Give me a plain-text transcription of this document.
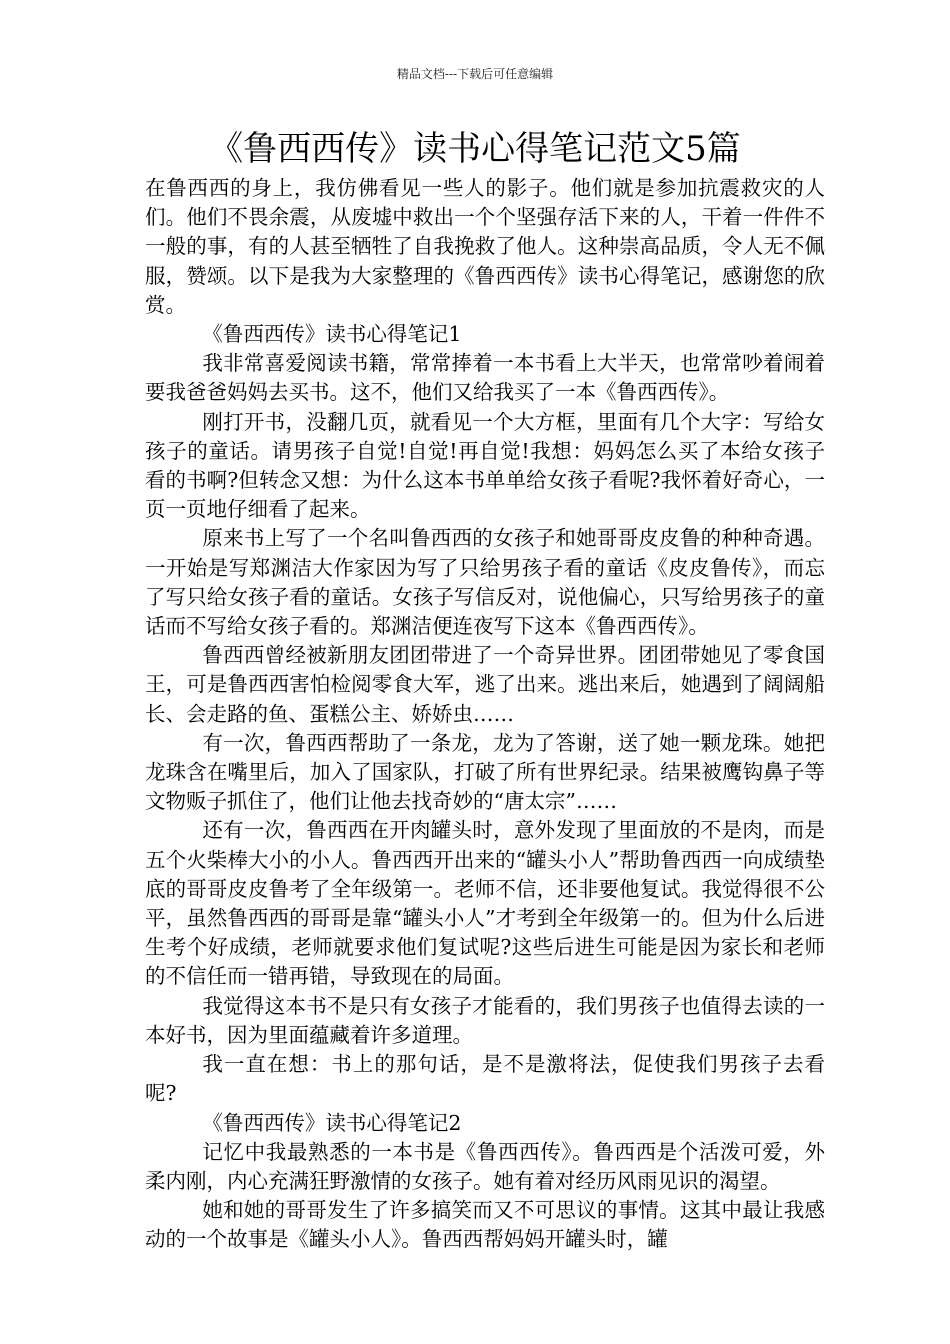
精品文档---下载后可任意编辑
《鲁西西传》读书心得笔记范文5篇

在鲁西西的身上，我仿佛看见一些人的影子。他们就是参加抗震救灾的人们。他们不畏余震，从废墟中救出一个个坚强存活下来的人，干着一件件不一般的事，有的人甚至牺牲了自我挽救了他人。这种崇高品质，令人无不佩服，赞颂。以下是我为大家整理的《鲁西西传》读书心得笔记，感谢您的欣赏。

《鲁西西传》读书心得笔记1

我非常喜爱阅读书籍，常常捧着一本书看上大半天，也常常吵着闹着要我爸爸妈妈去买书。这不，他们又给我买了一本《鲁西西传》。

刚打开书，没翻几页，就看见一个大方框，里面有几个大字：写给女孩子的童话。请男孩子自觉!自觉!再自觉!我想：妈妈怎么买了本给女孩子看的书啊?但转念又想：为什么这本书单单给女孩子看呢?我怀着好奇心，一页一页地仔细看了起来。

原来书上写了一个名叫鲁西西的女孩子和她哥哥皮皮鲁的种种奇遇。一开始是写郑渊洁大作家因为写了只给男孩子看的童话《皮皮鲁传》，而忘了写只给女孩子看的童话。女孩子写信反对，说他偏心，只写给男孩子的童话而不写给女孩子看的。郑渊洁便连夜写下这本《鲁西西传》。

鲁西西曾经被新朋友团团带进了一个奇异世界。团团带她见了零食国王，可是鲁西西害怕检阅零食大军，逃了出来。逃出来后，她遇到了阔阔船长、会走路的鱼、蛋糕公主、娇娇虫……

有一次，鲁西西帮助了一条龙，龙为了答谢，送了她一颗龙珠。她把龙珠含在嘴里后，加入了国家队，打破了所有世界纪录。结果被鹰钩鼻子等文物贩子抓住了，他们让他去找奇妙的“唐太宗”……

还有一次，鲁西西在开肉罐头时，意外发现了里面放的不是肉，而是五个火柴棒大小的小人。鲁西西开出来的“罐头小人”帮助鲁西西一向成绩垫底的哥哥皮皮鲁考了全年级第一。老师不信，还非要他复试。我觉得很不公平，虽然鲁西西的哥哥是靠“罐头小人”才考到全年级第一的。但为什么后进生考个好成绩，老师就要求他们复试呢?这些后进生可能是因为家长和老师的不信任而一错再错，导致现在的局面。

我觉得这本书不是只有女孩子才能看的，我们男孩子也值得去读的一本好书，因为里面蕴藏着许多道理。

我一直在想：书上的那句话，是不是激将法，促使我们男孩子去看呢?

《鲁西西传》读书心得笔记2

记忆中我最熟悉的一本书是《鲁西西传》。鲁西西是个活泼可爱，外柔内刚，内心充满狂野激情的女孩子。她有着对经历风雨见识的渴望。

她和她的哥哥发生了许多搞笑而又不可思议的事情。这其中最让我感动的一个故事是《罐头小人》。鲁西西帮妈妈开罐头时，罐
